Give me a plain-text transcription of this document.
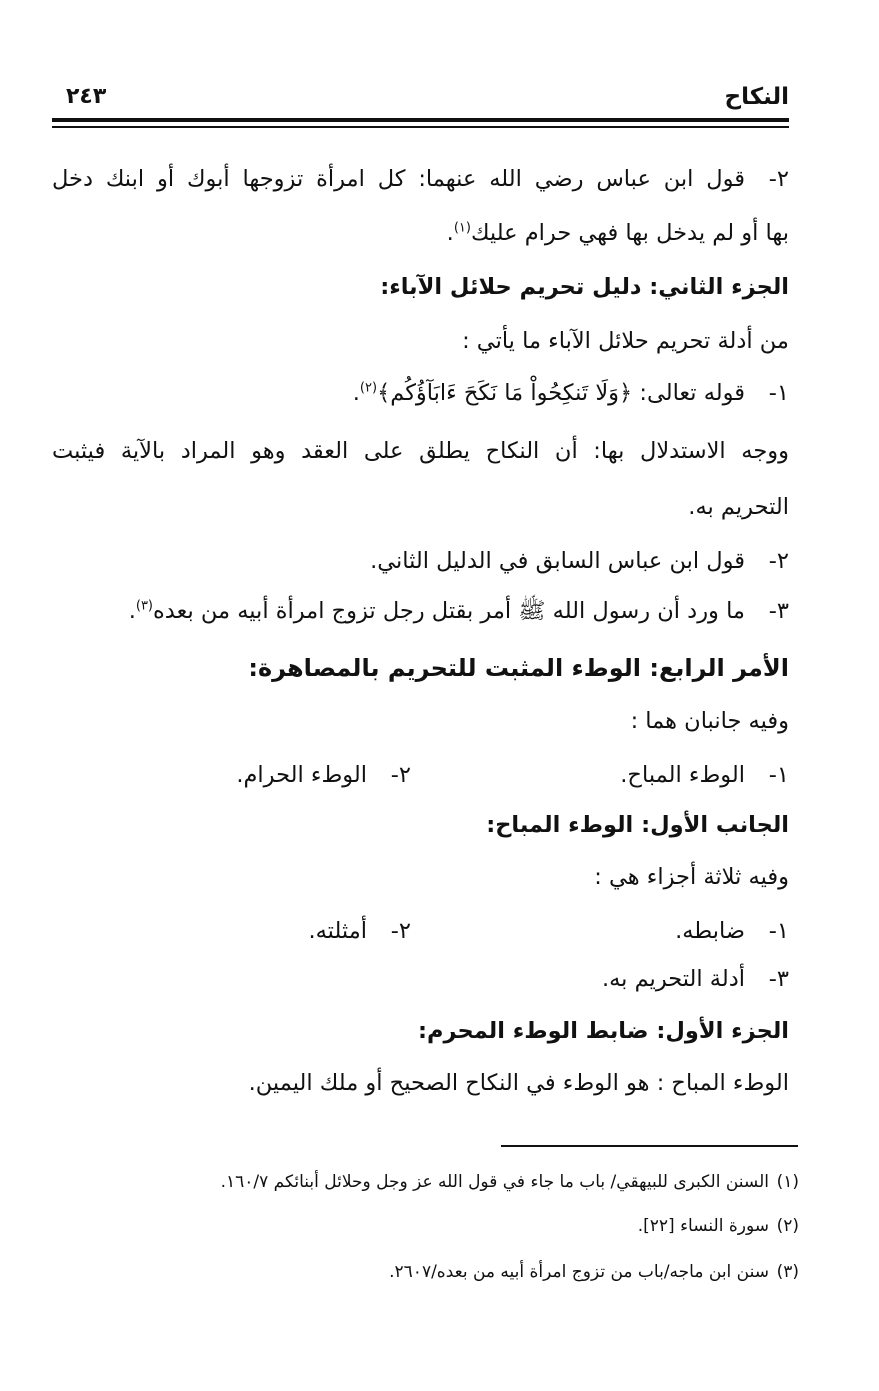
النكاح
٢٤٣
٢-قول ابن عباس رضي الله عنهما: كل امرأة تزوجها أبوك أو ابنك دخل
بها أو لم يدخل بها فهي حرام عليك$^{(١)}$.
الجزء الثاني: دليل تحريم حلائل الآباء:
من أدلة تحريم حلائل الآباء ما يأتي :
١-قوله تعالى: ﴿وَلَا تَنكِحُواْ مَا نَكَحَ ءَابَآؤُكُم﴾$^{(٢)}$.
ووجه الاستدلال بها: أن النكاح يطلق على العقد وهو المراد بالآية فيثبت
التحريم به.
٢-قول ابن عباس السابق في الدليل الثاني.
٣-ما ورد أن رسول الله ﷺ أمر بقتل رجل تزوج امرأة أبيه من بعده$^{(٣)}$.
الأمر الرابع: الوطء المثبت للتحريم بالمصاهرة:
وفيه جانبان هما :
١-الوطء المباح.
٢-الوطء الحرام.
الجانب الأول: الوطء المباح:
وفيه ثلاثة أجزاء هي :
١-ضابطه.
٢-أمثلته.
٣-أدلة التحريم به.
الجزء الأول: ضابط الوطء المحرم:
الوطء المباح : هو الوطء في النكاح الصحيح أو ملك اليمين.
(١)السنن الكبرى للبيهقي/ باب ما جاء في قول الله عز وجل وحلائل أبنائكم ١٦٠/٧.
(٢)سورة النساء [٢٢].
(٣)سنن ابن ماجه/باب من تزوج امرأة أبيه من بعده/٢٦٠٧.
